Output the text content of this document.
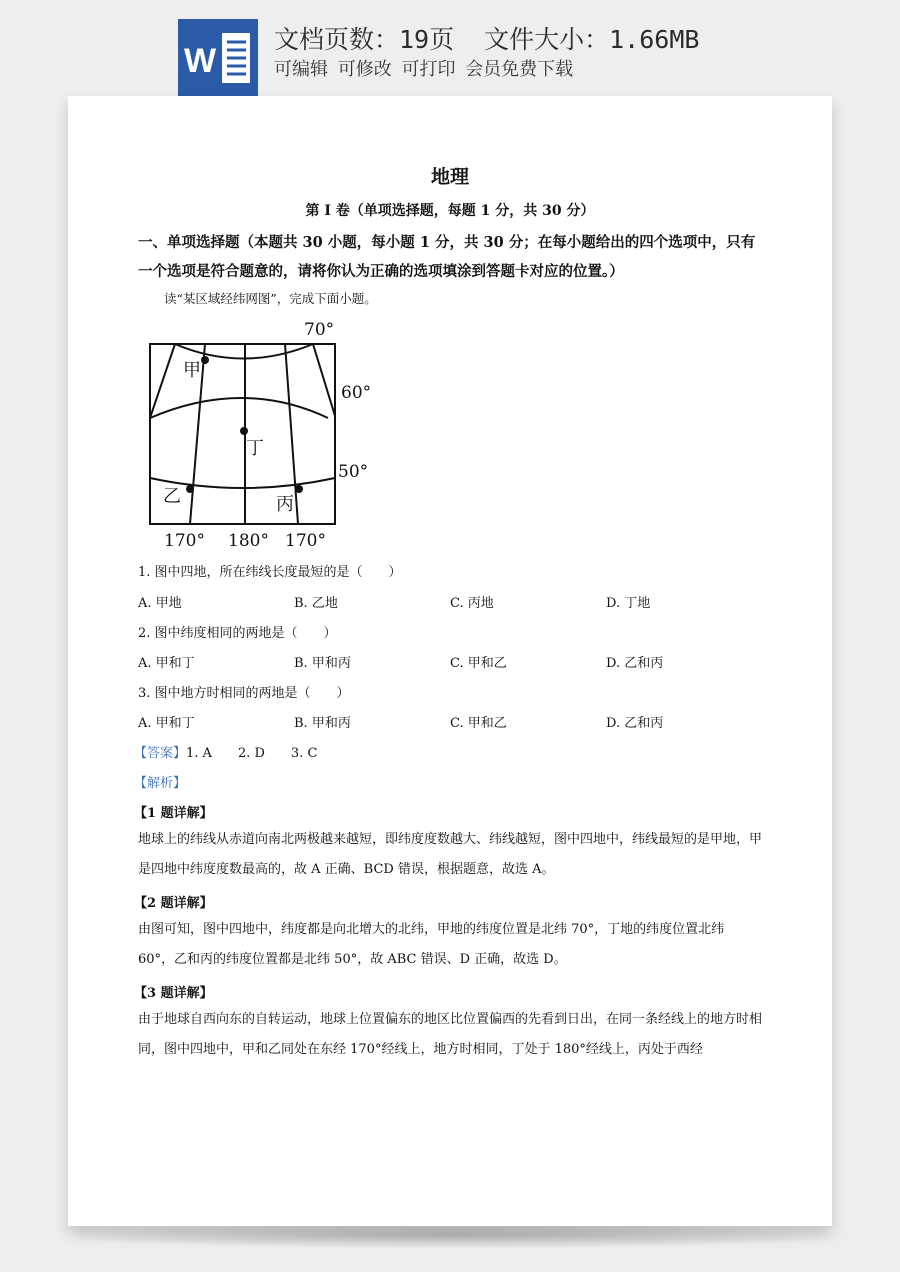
W
文档页数：19页 文件大小：1.66MB
可编辑 可修改 可打印 会员免费下载
地理
第 I 卷（单项选择题，每题 1 分，共 30 分）
一、单项选择题（本题共 30 小题，每小题 1 分，共 30 分；在每小题给出的四个选项中，只有一个选项是符合题意的，请将你认为正确的选项填涂到答题卡对应的位置。）
读“某区域经纬网图”，完成下面小题。
甲
丁
乙	丙
70°
60°
50°
170° 180° 170°
1. 图中四地，所在纬线长度最短的是（　　）
A. 甲地	B. 乙地	C. 丙地	D. 丁地
2. 图中纬度相同的两地是（　　）
A. 甲和丁	B. 甲和丙	C. 甲和乙	D. 乙和丙
3. 图中地方时相同的两地是（　　）
A. 甲和丁	B. 甲和丙	C. 甲和乙	D. 乙和丙
【答案】1. A 2. D 3. C
【解析】
【1 题详解】
地球上的纬线从赤道向南北两极越来越短，即纬度度数越大、纬线越短，图中四地中，纬线最短的是甲地，甲是四地中纬度度数最高的，故 A 正确、BCD 错误，根据题意，故选 A。
【2 题详解】
由图可知，图中四地中，纬度都是向北增大的北纬，甲地的纬度位置是北纬 70°，丁地的纬度位置北纬 60°，乙和丙的纬度位置都是北纬 50°，故 ABC 错误、D 正确，故选 D。
【3 题详解】
由于地球自西向东的自转运动，地球上位置偏东的地区比位置偏西的先看到日出，在同一条经线上的地方时相同，图中四地中，甲和乙同处在东经 170°经线上，地方时相同，丁处于 180°经线上，丙处于西经
